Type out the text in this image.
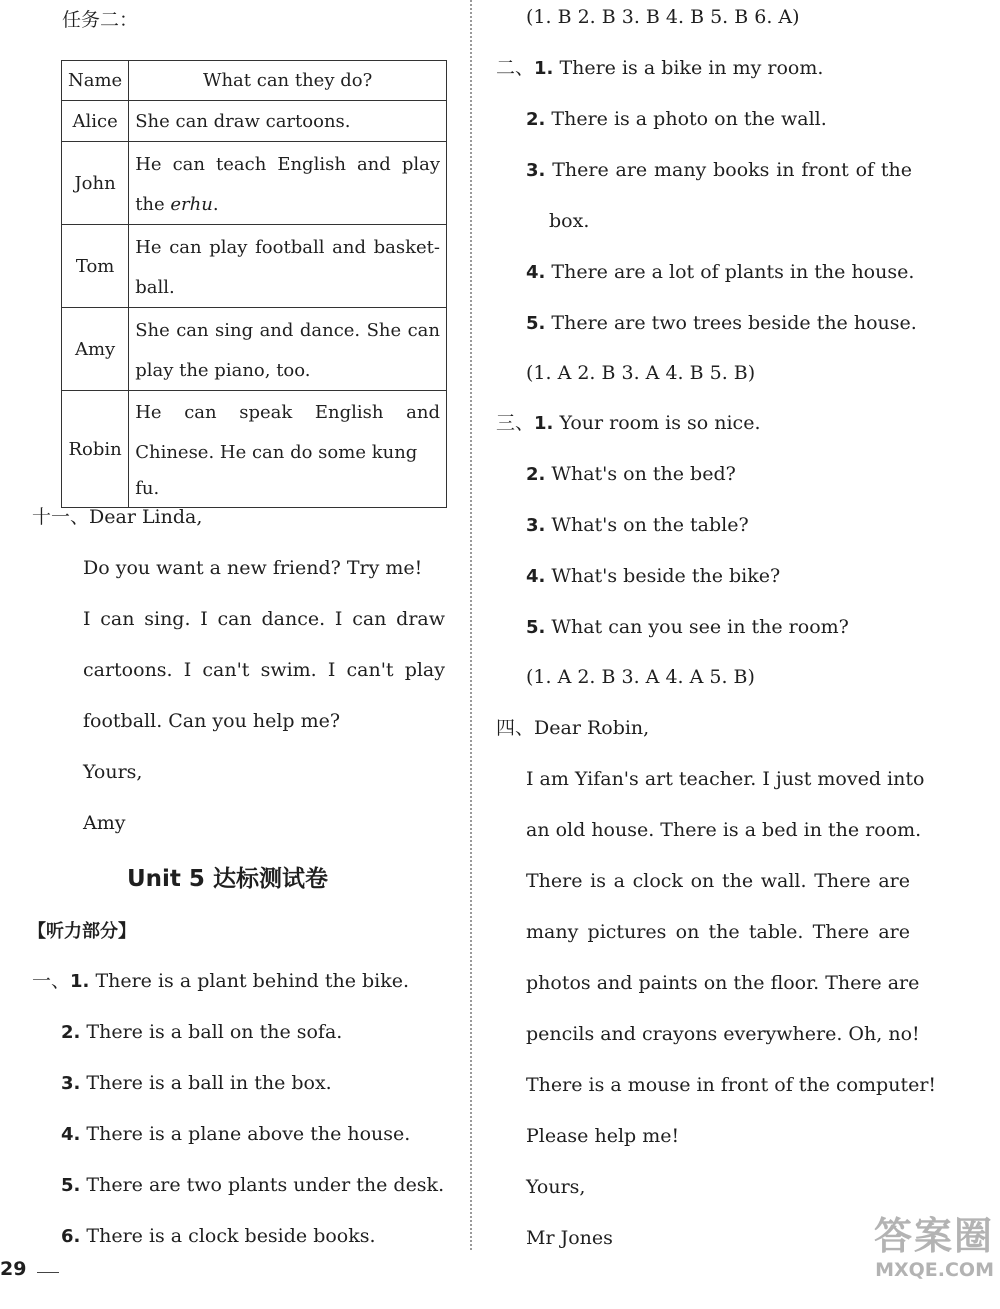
任务二：
Name	What can they do?
Alice	She can draw cartoons.

John	He can teach English and play
the erhu.

Tom	He can play football and basket-
ball.

Amy	She can sing and dance. She can
play the piano, too.

Robin	He can speak English and
Chinese. He can do some kung fu.
十一、Dear Linda,
Do you want a new friend? Try me!
I can sing. I can dance. I can draw
cartoons. I can't swim. I can't play
football. Can you help me?
Yours,
Amy
Unit 5 达标测试卷
【听力部分】
一、1. There is a plant behind the bike.
2. There is a ball on the sofa.
3. There is a ball in the box.
4. There is a plane above the house.
5. There are two plants under the desk.
6. There is a clock beside books.
29
(1. B 2. B 3. B 4. B 5. B 6. A)
二、1. There is a bike in my room.
2. There is a photo on the wall.
3. There are many books in front of the
box.
4. There are a lot of plants in the house.
5. There are two trees beside the house.
(1. A 2. B 3. A 4. B 5. B)
三、1. Your room is so nice.
2. What's on the bed?
3. What's on the table?
4. What's beside the bike?
5. What can you see in the room?
(1. A 2. B 3. A 4. A 5. B)
四、Dear Robin,
I am Yifan's art teacher. I just moved into
an old house. There is a bed in the room.
There is a clock on the wall. There are
many pictures on the table. There are
photos and paints on the floor. There are
pencils and crayons everywhere. Oh, no!
There is a mouse in front of the computer!
Please help me!
Yours,
Mr Jones	答案圈
MXQE.COM
